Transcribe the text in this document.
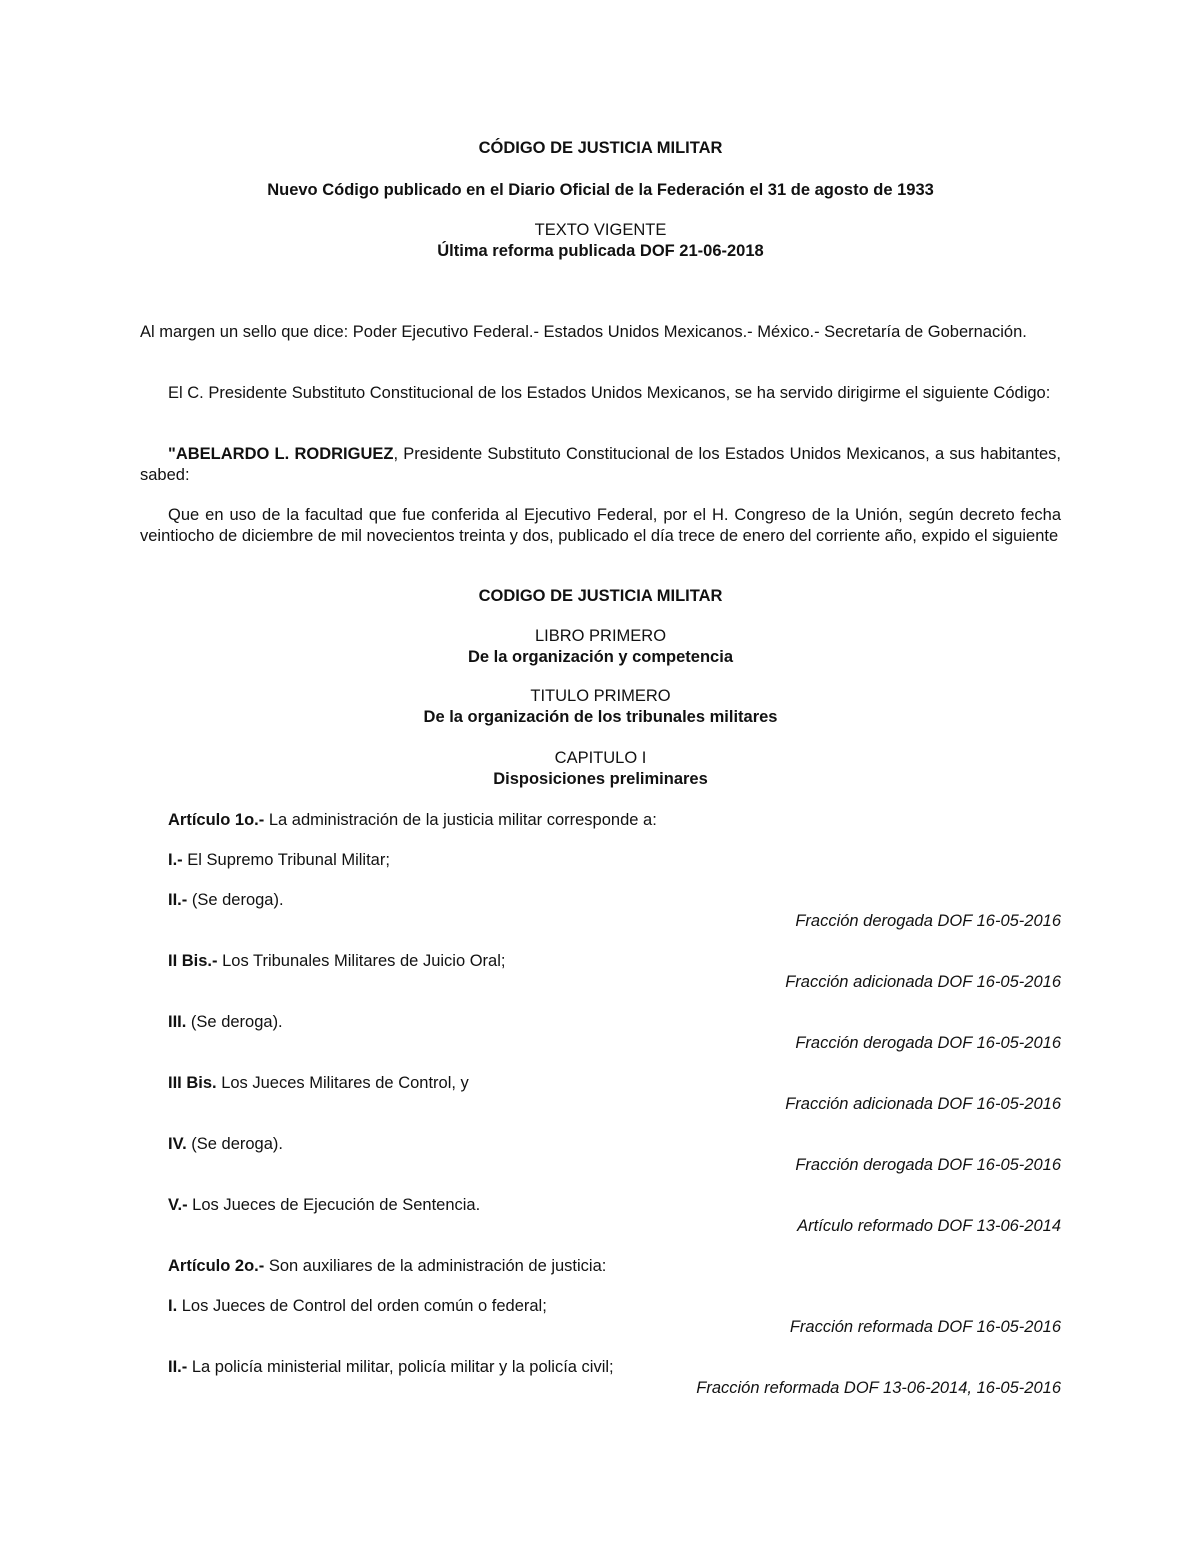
CÓDIGO DE JUSTICIA MILITAR
Nuevo Código publicado en el Diario Oficial de la Federación el 31 de agosto de 1933
TEXTO VIGENTE
Última reforma publicada DOF 21-06-2018
Al margen un sello que dice: Poder Ejecutivo Federal.- Estados Unidos Mexicanos.- México.- Secretaría de Gobernación.
El C. Presidente Substituto Constitucional de los Estados Unidos Mexicanos, se ha servido dirigirme el siguiente Código:
"ABELARDO L. RODRIGUEZ, Presidente Substituto Constitucional de los Estados Unidos Mexicanos, a sus habitantes, sabed:
Que en uso de la facultad que fue conferida al Ejecutivo Federal, por el H. Congreso de la Unión, según decreto fecha veintiocho de diciembre de mil novecientos treinta y dos, publicado el día trece de enero del corriente año, expido el siguiente
CODIGO DE JUSTICIA MILITAR
LIBRO PRIMERO
De la organización y competencia
TITULO PRIMERO
De la organización de los tribunales militares
CAPITULO I
Disposiciones preliminares
Artículo 1o.- La administración de la justicia militar corresponde a:
I.- El Supremo Tribunal Militar;
II.- (Se deroga).
Fracción derogada DOF 16-05-2016
II Bis.- Los Tribunales Militares de Juicio Oral;
Fracción adicionada DOF 16-05-2016
III. (Se deroga).
Fracción derogada DOF 16-05-2016
III Bis. Los Jueces Militares de Control, y
Fracción adicionada DOF 16-05-2016
IV. (Se deroga).
Fracción derogada DOF 16-05-2016
V.- Los Jueces de Ejecución de Sentencia.
Artículo reformado DOF 13-06-2014
Artículo 2o.- Son auxiliares de la administración de justicia:
I. Los Jueces de Control del orden común o federal;
Fracción reformada DOF 16-05-2016
II.- La policía ministerial militar, policía militar y la policía civil;
Fracción reformada DOF 13-06-2014, 16-05-2016
